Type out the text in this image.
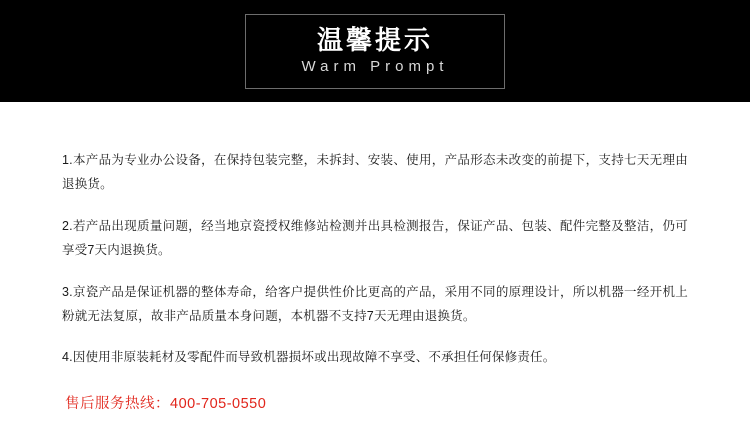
温馨提示
Warm Prompt

1.本产品为专业办公设备，在保持包装完整，未拆封、安装、使用，产品形态未改变的前提下，支持七天无理由退换货。

2.若产品出现质量问题，经当地京瓷授权维修站检测并出具检测报告，保证产品、包装、配件完整及整洁，仍可享受7天内退换货。

3.京瓷产品是保证机器的整体寿命，给客户提供性价比更高的产品，采用不同的原理设计，所以机器一经开机上粉就无法复原，故非产品质量本身问题，本机器不支持7天无理由退换货。

4.因使用非原装耗材及零配件而导致机器损坏或出现故障不享受、不承担任何保修责任。

售后服务热线：400-705-0550
